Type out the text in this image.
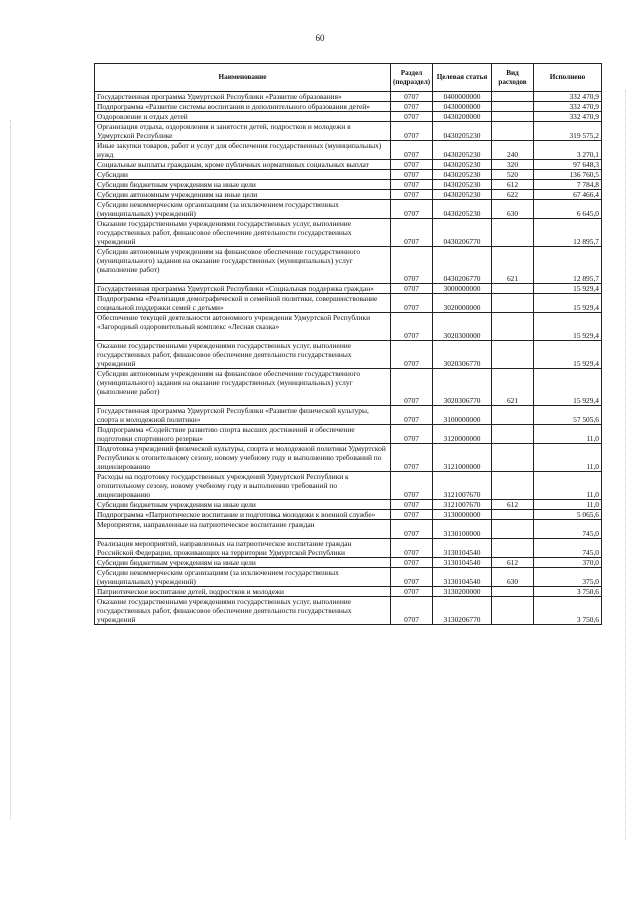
60
Наименование	Раздел (подраздел)	Целевая статья	Вид расходов	Исполнено
Государственная программа Удмуртской Республики «Развитие образования»	0707	0400000000		332 470,9
Подпрограмма «Развитие системы воспитания и дополнительного образования детей»	0707	0430000000		332 470,9
Оздоровление и отдых детей	0707	0430200000		332 470,9
Организация отдыха, оздоровления и занятости детей, подростков и молодежи в Удмуртской Республике	0707	0430205230		319 575,2
Иные закупки товаров, работ и услуг для обеспечения государственных (муниципальных) нужд	0707	0430205230	240	3 270,1
Социальные выплаты гражданам, кроме публичных нормативных социальных выплат	0707	0430205230	320	97 648,3
Субсидии	0707	0430205230	520	136 760,5
Субсидии бюджетным учреждениям на иные цели	0707	0430205230	612	7 784,8
Субсидии автономным учреждениям на иные цели	0707	0430205230	622	67 466,4
Субсидии некоммерческим организациям (за исключением государственных (муниципальных) учреждений)	0707	0430205230	630	6 645,0
Оказание государственными учреждениями государственных услуг, выполнение государственных работ, финансовое обеспечение деятельности государственных учреждений	0707	0430206770		12 895,7
Субсидии автономным учреждениям на финансовое обеспечение государственного (муниципального) задания на оказание государственных (муниципальных) услуг (выполнение работ)	0707	0430206770	621	12 895,7
Государственная программа Удмуртской Республики «Социальная поддержка граждан»	0707	3000000000		15 929,4
Подпрограмма «Реализация демографической и семейной политики, совершенствование социальной поддержки семей с детьми»	0707	3020000000		15 929,4
Обеспечение текущей деятельности автономного учреждения Удмуртской Республики «Загородный оздоровительный комплекс «Лесная сказка»	0707	3020300000		15 929,4
Оказание государственными учреждениями государственных услуг, выполнение государственных работ, финансовое обеспечение деятельности государственных учреждений	0707	3020306770		15 929,4
Субсидии автономным учреждениям на финансовое обеспечение государственного (муниципального) задания на оказание государственных (муниципальных) услуг (выполнение работ)	0707	3020306770	621	15 929,4
Государственная программа Удмуртской Республики «Развитие физической культуры, спорта и молодежной политики»	0707	3100000000		57 505,6
Подпрограмма «Содействие развитию спорта высших достижений и обеспечение подготовки спортивного резерва»	0707	3120000000		11,0
Подготовка учреждений физической культуры, спорта и молодежной политики Удмуртской Республики к отопительному сезону, новому учебному году и выполнению требований по лицензированию	0707	3121000000		11,0
Расходы на подготовку государственных учреждений Удмуртской Республики к отопительному сезону, новому учебному году и выполнению требований по лицензированию	0707	3121007670		11,0
Субсидии бюджетным учреждениям на иные цели	0707	3121007670	612	11,0
Подпрограмма «Патриотическое воспитание и подготовка молодежи к военной службе»	0707	3130000000		5 065,6
Мероприятия, направленные на патриотическое воспитание граждан	0707	3130100000		745,0
Реализация мероприятий, направленных на патриотическое воспитание граждан Российской Федерации, проживающих на территории Удмуртской Республики	0707	3130104540		745,0
Субсидии бюджетным учреждениям на иные цели	0707	3130104540	612	370,0
Субсидии некоммерческим организациям (за исключением государственных (муниципальных) учреждений)	0707	3130104540	630	375,0
Патриотическое воспитание детей, подростков и молодежи	0707	3130200000		3 750,6
Оказание государственными учреждениями государственных услуг, выполнение государственных работ, финансовое обеспечение деятельности государственных учреждений	0707	3130206770		3 750,6
